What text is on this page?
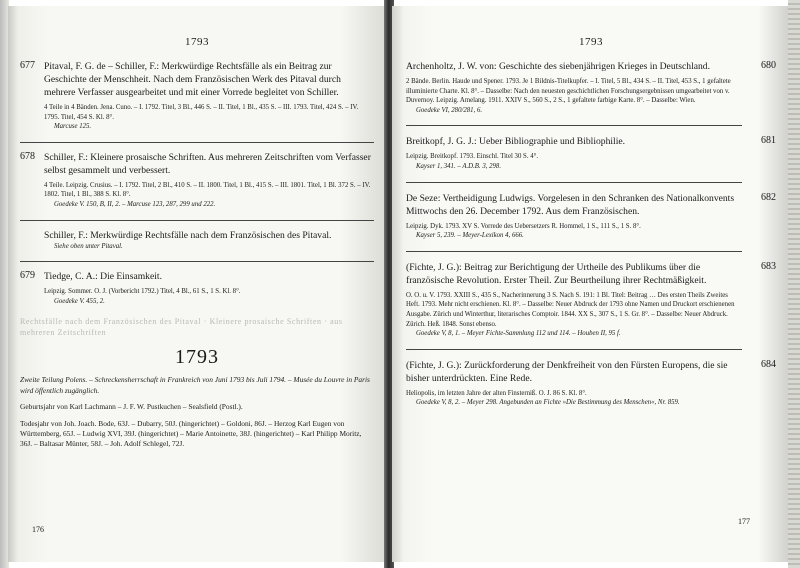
1793
677 Pitaval, F. G. de – Schiller, F.: Merkwürdige Rechtsfälle als ein Beitrag zur Geschichte der Menschheit. Nach dem Französischen Werk des Pitaval durch mehrere Verfasser ausgearbeitet und mit einer Vorrede begleitet von Schiller.
4 Teile in 4 Bänden. Jena. Cuno. – I. 1792. Titel, 3 Bl., 446 S. – II. Titel, 1 Bl., 435 S. – III. 1793. Titel, 424 S. – IV. 1795. Titel, 454 S. Kl. 8°.
Marcuse 125.
678 Schiller, F.: Kleinere prosaische Schriften. Aus mehreren Zeitschriften vom Verfasser selbst gesammelt und verbessert.
4 Teile. Leipzig. Crusius. – I. 1792. Titel, 2 Bl., 410 S. – II. 1800. Titel, 1 Bl., 415 S. – III. 1801. Titel, 1 Bl. 372 S. – IV. 1802. Titel, 1 Bl., 388 S. Kl. 8°.
Goedeke V. 150, B, II, 2. – Marcuse 123, 287, 299 und 222.
Schiller, F.: Merkwürdige Rechtsfälle nach dem Französischen des Pitaval.
Siehe oben unter Pitaval.
679 Tiedge, C. A.: Die Einsamkeit.
Leipzig. Sommer. O. J. (Vorbericht 1792.) Titel, 4 Bl., 61 S., 1 S. Kl. 8°.
Goedeke V. 455, 2.
Rechtsfälle nach dem Französischen des Pitaval · Kleinere prosaische Schriften · aus mehreren Zeitschriften
1793
Zweite Teilung Polens. – Schreckensherrschaft in Frankreich von Juni 1793 bis Juli 1794. – Musée du Louvre in Paris wird öffentlich zugänglich.
Geburtsjahr von Karl Lachmann – J. F. W. Pustkuchen – Sealsfield (Postl.).
Todesjahr von Joh. Joach. Bode, 63J. – Dubarry, 50J. (hingerichtet) – Goldoni, 86J. – Herzog Karl Eugen von Württemberg, 65J. – Ludwig XVI, 39J. (hingerichtet) – Marie Antoinette, 38J. (hingerichtet) – Karl Philipp Moritz, 36J. – Baltasar Münter, 58J. – Joh. Adolf Schlegel, 72J.
176
1793
680
Archenholtz, J. W. von: Geschichte des siebenjährigen Krieges in Deutschland.
2 Bände. Berlin. Haude und Spener. 1793. Je 1 Bildnis-Titelkupfer. – I. Titel, 5 Bl., 434 S. – II. Titel, 453 S., 1 gefaltete illuminierte Charte. Kl. 8°. – Dasselbe: Nach den neuesten geschichtlichen Forschungsergebnissen umgearbeitet von v. Duvernoy. Leipzig. Amelang. 1911. XXIV S., 560 S., 2 S., 1 gefaltete farbige Karte. 8°. – Dasselbe: Wien.
Goedeke VI, 280/281, 6.
681
Breitkopf, J. G. J.: Ueber Bibliographie und Bibliophilie.
Leipzig. Breitkopf. 1793. Einschl. Titel 30 S. 4°.
Kayser 1, 341. – A.D.B. 3, 298.
682
De Seze: Vertheidigung Ludwigs. Vorgelesen in den Schranken des Nationalkonvents Mittwochs den 26. December 1792. Aus dem Französischen.
Leipzig. Dyk. 1793. XV S. Vorrede des Uebersetzers R. Hommel, 1 S., 111 S., 1 S. 8°.
Kayser 5, 239. – Meyer-Lexikon 4, 666.
683
(Fichte, J. G.): Beitrag zur Berichtigung der Urtheile des Publikums über die französische Revolution. Erster Theil. Zur Beurtheilung ihrer Rechtmäßigkeit.
O. O. u. V. 1793. XXIII S., 435 S., Nacherinnerung 3 S. Nach S. 191: 1 Bl. Titel: Beitrag … Des ersten Theils Zweites Heft. 1793. Mehr nicht erschienen. Kl. 8°. – Dasselbe: Neuer Abdruck der 1793 ohne Namen und Druckort erschienenen Ausgabe. Zürich und Winterthur, literarisches Comptoir. 1844. XX S., 307 S., 1 S. Gr. 8°. – Dasselbe: Neuer Abdruck. Zürich. Heß. 1848. Sonst ebenso.
Goedeke V, 8, 1. – Meyer Fichte-Sammlung 112 und 114. – Houben II, 95 f.
684
(Fichte, J. G.): Zurückforderung der Denkfreiheit von den Fürsten Europens, die sie bisher unterdrückten. Eine Rede.
Heliopolis, im letzten Jahre der alten Finsterniß. O. J. 86 S. Kl. 8°.
Goedeke V, 8, 2. – Meyer 298. Angebunden an Fichte »Die Bestimmung des Menschen«, Nr. 859.
177
